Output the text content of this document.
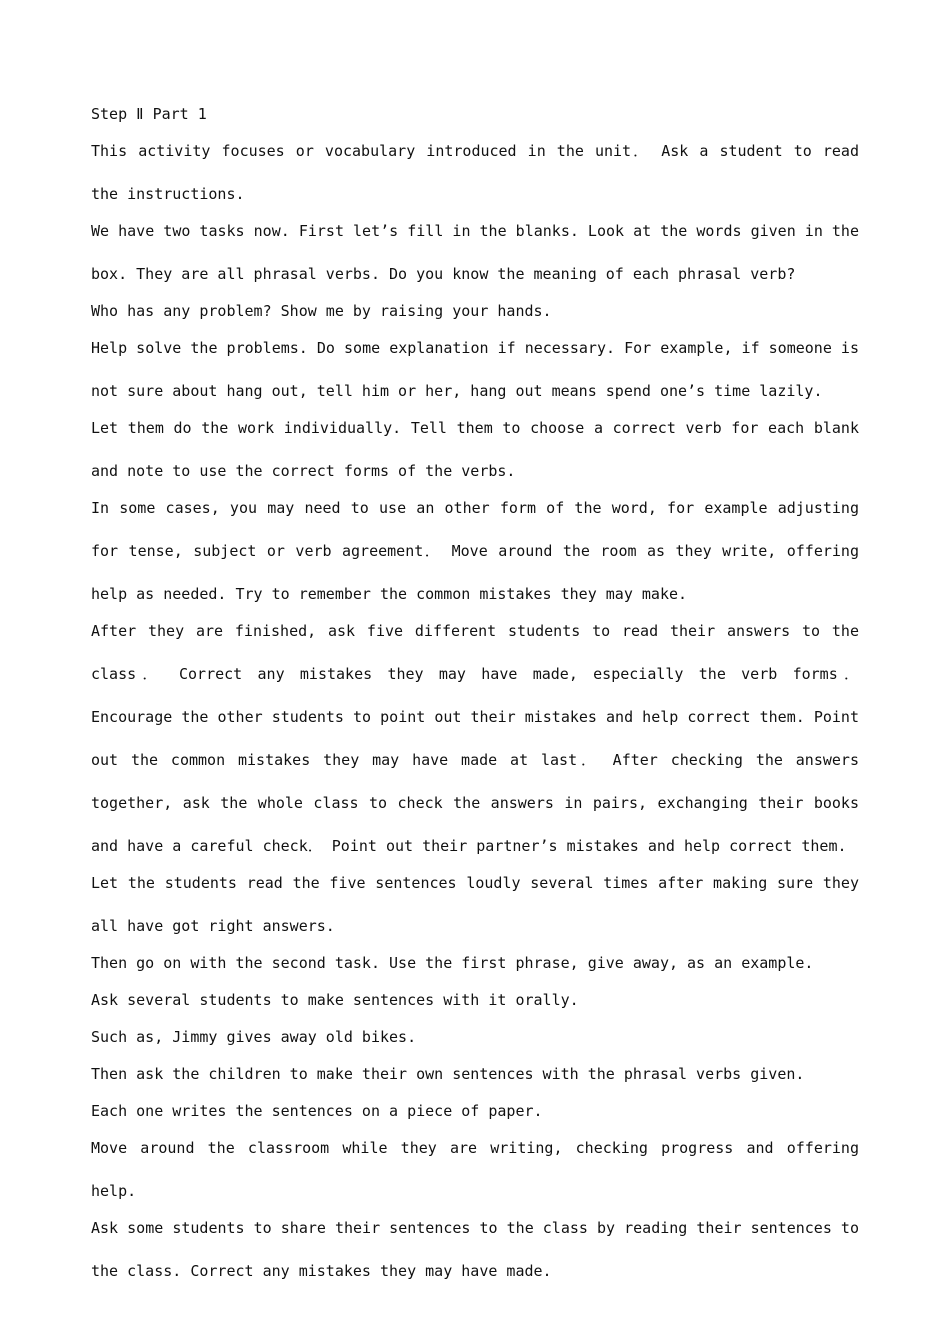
Step Ⅱ Part 1

This activity focuses or vocabulary introduced in the unit． Ask a student to read the instructions.

We have two tasks now. First let’s fill in the blanks. Look at the words given in the box. They are all phrasal verbs. Do you know the meaning of each phrasal verb?

Who has any problem? Show me by raising your hands.

Help solve the problems. Do some explanation if necessary. For example, if someone is not sure about hang out, tell him or her, hang out means spend one’s time lazily.

Let them do the work individually. Tell them to choose a correct verb for each blank and note to use the correct forms of the verbs.

In some cases, you may need to use an other form of the word, for example adjusting for tense, subject or verb agreement． Move around the room as they write, offering help as needed. Try to remember the common mistakes they may make.

After they are finished, ask five different students to read their answers to the class． Correct any mistakes they may have made, especially the verb forms． Encourage the other students to point out their mistakes and help correct them. Point out the common mistakes they may have made at last． After checking the answers together, ask the whole class to check the answers in pairs, exchanging their books and have a careful check． Point out their partner’s mistakes and help correct them.

Let the students read the five sentences loudly several times after making sure they all have got right answers.

Then go on with the second task. Use the first phrase, give away, as an example.

Ask several students to make sentences with it orally.

Such as, Jimmy gives away old bikes.

Then ask the children to make their own sentences with the phrasal verbs given.

Each one writes the sentences on a piece of paper.

Move around the classroom while they are writing, checking progress and offering help.

Ask some students to share their sentences to the class by reading their sentences to the class. Correct any mistakes they may have made.
